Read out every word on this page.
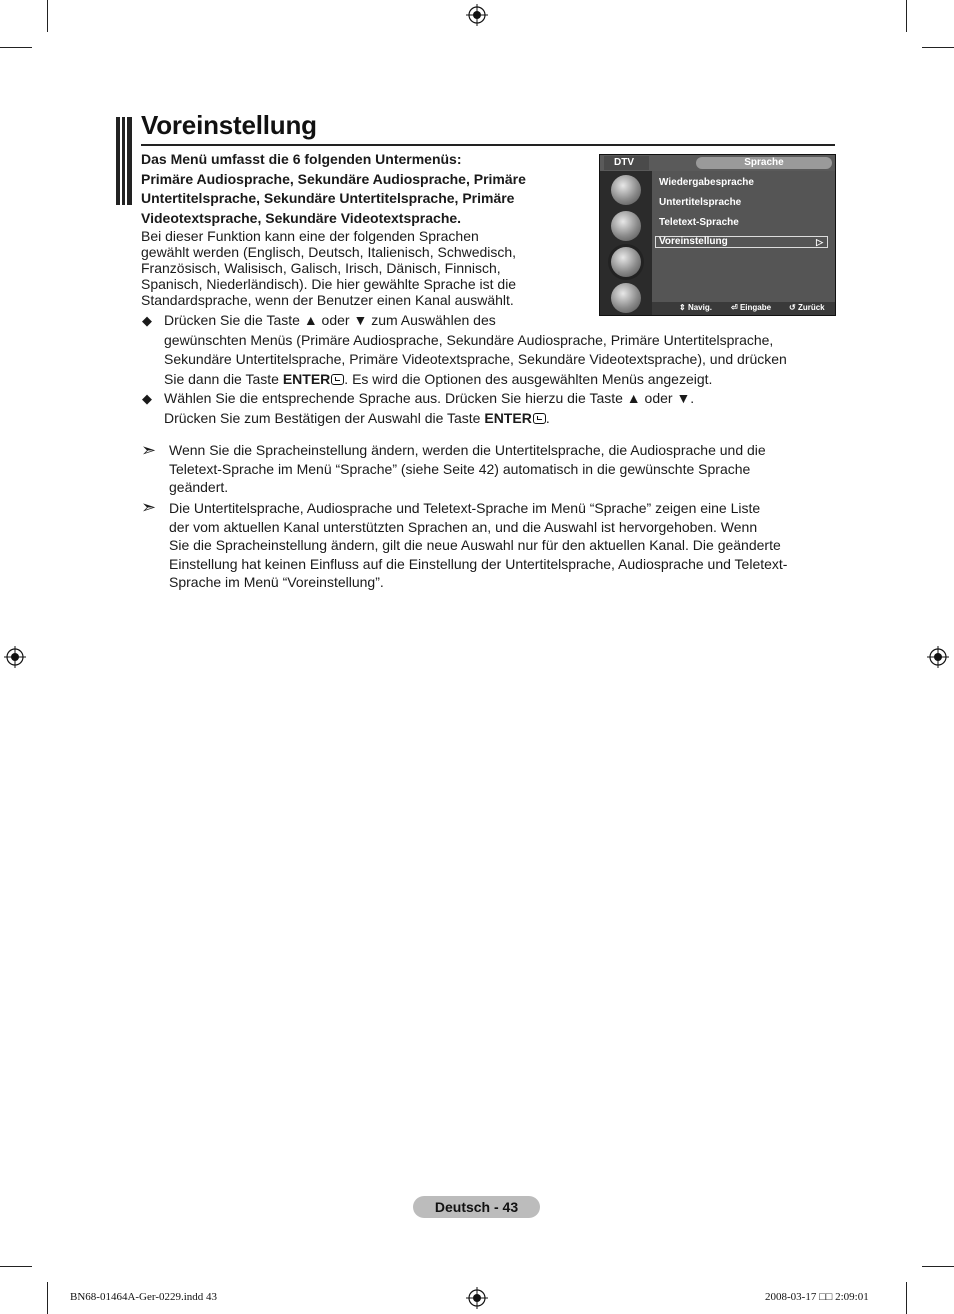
Voreinstellung
Das Menü umfasst die 6 folgenden Untermenüs:
Primäre Audiosprache, Sekundäre Audiosprache, Primäre
Untertitelsprache, Sekundäre Untertitelsprache, Primäre
Videotextsprache, Sekundäre Videotextsprache.
Bei dieser Funktion kann eine der folgenden Sprachen
gewählt werden (Englisch, Deutsch, Italienisch, Schwedisch,
Französisch, Walisisch, Galisch, Irisch, Dänisch, Finnisch,
Spanisch, Niederländisch). Die hier gewählte Sprache ist die
Standardsprache, wenn der Benutzer einen Kanal auswählt.
DTV	Sprache
Wiedergabesprache
Untertitelsprache
Teletext-Sprache
Voreinstellung	▷
⇕ Navig. ⏎ Eingabe ↺ Zurück
◆ Drücken Sie die Taste ▲ oder ▼ zum Auswählen des
gewünschten Menüs (Primäre Audiosprache, Sekundäre Audiosprache, Primäre Untertitelsprache,
Sekundäre Untertitelsprache, Primäre Videotextsprache, Sekundäre Videotextsprache), und drücken
Sie dann die Taste ENTER . Es wird die Optionen des ausgewählten Menüs angezeigt.
◆ Wählen Sie die entsprechende Sprache aus. Drücken Sie hierzu die Taste ▲ oder ▼.
Drücken Sie zum Bestätigen der Auswahl die Taste ENTER .
➣ Wenn Sie die Spracheinstellung ändern, werden die Untertitelsprache, die Audiosprache und die
Teletext-Sprache im Menü “Sprache” (siehe Seite 42) automatisch in die gewünschte Sprache
geändert.
➣ Die Untertitelsprache, Audiosprache und Teletext-Sprache im Menü “Sprache” zeigen eine Liste
der vom aktuellen Kanal unterstützten Sprachen an, und die Auswahl ist hervorgehoben. Wenn
Sie die Spracheinstellung ändern, gilt die neue Auswahl nur für den aktuellen Kanal. Die geänderte
Einstellung hat keinen Einfluss auf die Einstellung der Untertitelsprache, Audiosprache und Teletext-
Sprache im Menü “Voreinstellung”.
Deutsch - 43
BN68-01464A-Ger-0229.indd 43	2008-03-17 □□ 2:09:01
